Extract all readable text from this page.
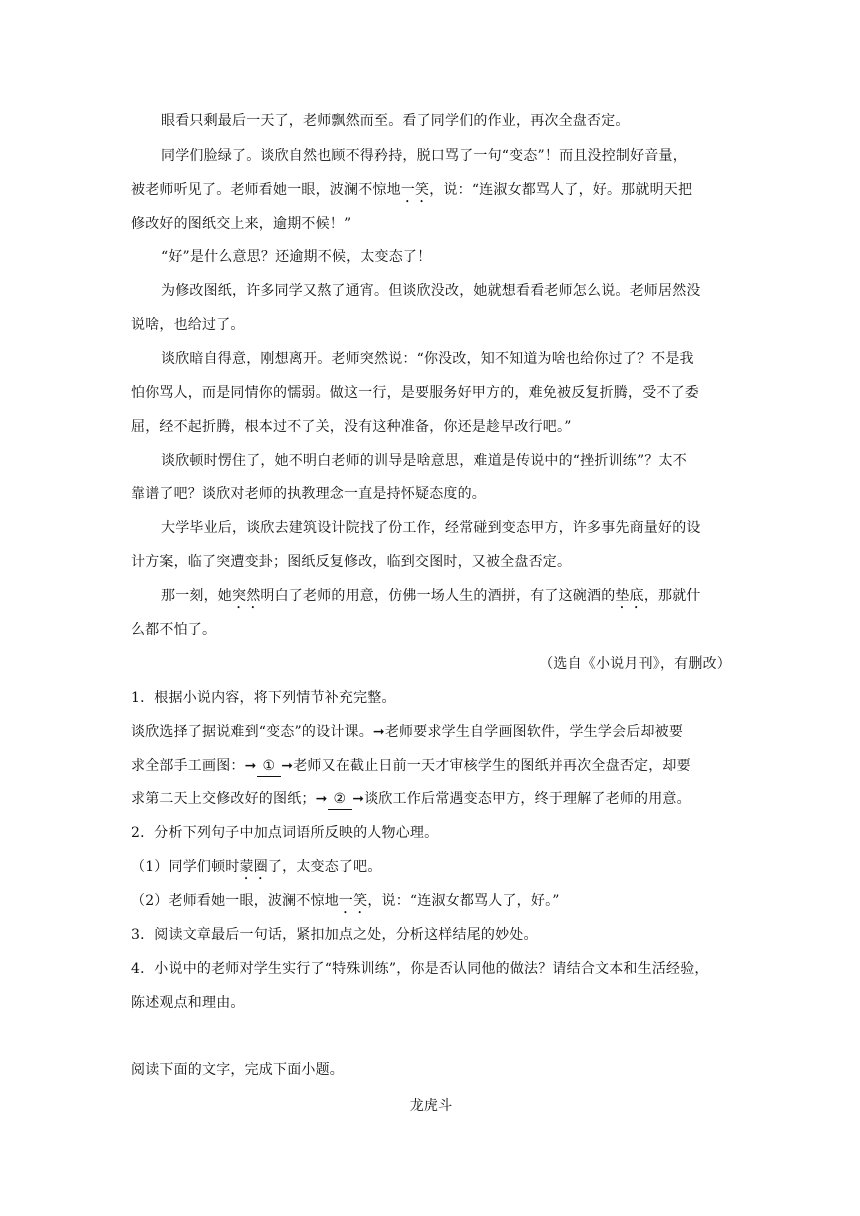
眼看只剩最后一天了，老师飘然而至。看了同学们的作业，再次全盘否定。
同学们脸绿了。谈欣自然也顾不得矜持，脱口骂了一句“变态”！而且没控制好音量，
被老师听见了。老师看她一眼，波澜不惊地一笑，说：“连淑女都骂人了，好。那就明天把
修改好的图纸交上来，逾期不候！”
“好”是什么意思？还逾期不候，太变态了！
为修改图纸，许多同学又熬了通宵。但谈欣没改，她就想看看老师怎么说。老师居然没
说啥，也给过了。
谈欣暗自得意，刚想离开。老师突然说：“你没改，知不知道为啥也给你过了？不是我
怕你骂人，而是同情你的懦弱。做这一行，是要服务好甲方的，难免被反复折腾，受不了委
屈，经不起折腾，根本过不了关，没有这种准备，你还是趁早改行吧。”
谈欣顿时愣住了，她不明白老师的训导是啥意思，难道是传说中的“挫折训练”？太不
靠谱了吧？谈欣对老师的执教理念一直是持怀疑态度的。
大学毕业后，谈欣去建筑设计院找了份工作，经常碰到变态甲方，许多事先商量好的设
计方案，临了突遭变卦；图纸反复修改，临到交图时，又被全盘否定。
那一刻，她突然明白了老师的用意，仿佛一场人生的酒拼，有了这碗酒的垫底，那就什
么都不怕了。
（选自《小说月刊》，有删改）
1．根据小说内容，将下列情节补充完整。
谈欣选择了据说难到“变态”的设计课。➞老师要求学生自学画图软件，学生学会后却被要
求全部手工画图：➞ ① ➞老师又在截止日前一天才审核学生的图纸并再次全盘否定，却要
求第二天上交修改好的图纸；➞ ② ➞谈欣工作后常遇变态甲方，终于理解了老师的用意。
2．分析下列句子中加点词语所反映的人物心理。
（1）同学们顿时蒙圈了，太变态了吧。
（2）老师看她一眼，波澜不惊地一笑，说：“连淑女都骂人了，好。”
3．阅读文章最后一句话，紧扣加点之处，分析这样结尾的妙处。
4．小说中的老师对学生实行了“特殊训练”，你是否认同他的做法？请结合文本和生活经验，
陈述观点和理由。
阅读下面的文字，完成下面小题。
龙虎斗
